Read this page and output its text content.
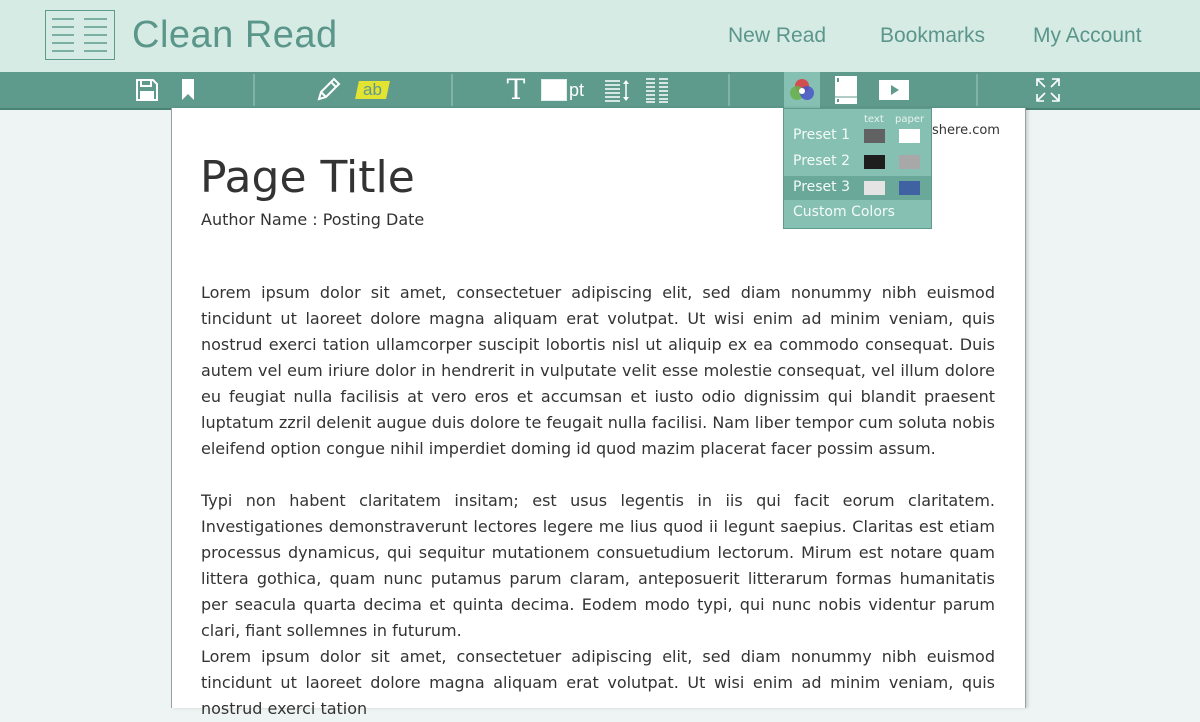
Clean Read	New Read	Bookmarks My Account
ab	T pt
shere.com
Page Title
Author Name : Posting Date

Lorem ipsum dolor sit amet, consectetuer adipiscing elit, sed diam nonummy nibh euismod tincidunt ut laoreet dolore magna aliquam erat volutpat. Ut wisi enim ad minim veniam, quis nostrud exerci tation ullamcorper suscipit lobortis nisl ut aliquip ex ea commodo consequat. Duis autem vel eum iriure dolor in hendrerit in vulputate velit esse molestie consequat, vel illum dolore eu feugiat nulla facilisis at vero eros et accumsan et iusto odio dignissim qui blandit praesent luptatum zzril delenit augue duis dolore te feugait nulla facilisi. Nam liber tempor cum soluta nobis eleifend option congue nihil imperdiet doming id quod mazim placerat facer possim assum.

Typi non habent claritatem insitam; est usus legentis in iis qui facit eorum claritatem. Investigationes demonstraverunt lectores legere me lius quod ii legunt saepius. Claritas est etiam processus dynamicus, qui sequitur mutationem consuetudium lectorum. Mirum est notare quam littera gothica, quam nunc putamus parum claram, anteposuerit litterarum formas humanitatis per seacula quarta decima et quinta decima. Eodem modo typi, qui nunc nobis videntur parum clari, fiant sollemnes in futurum.

Lorem ipsum dolor sit amet, consectetuer adipiscing elit, sed diam nonummy nibh euismod tincidunt ut laoreet dolore magna aliquam erat volutpat. Ut wisi enim ad minim veniam, quis nostrud exerci tation

text paper
Preset 1
Preset 2
Preset 3
Custom Colors
